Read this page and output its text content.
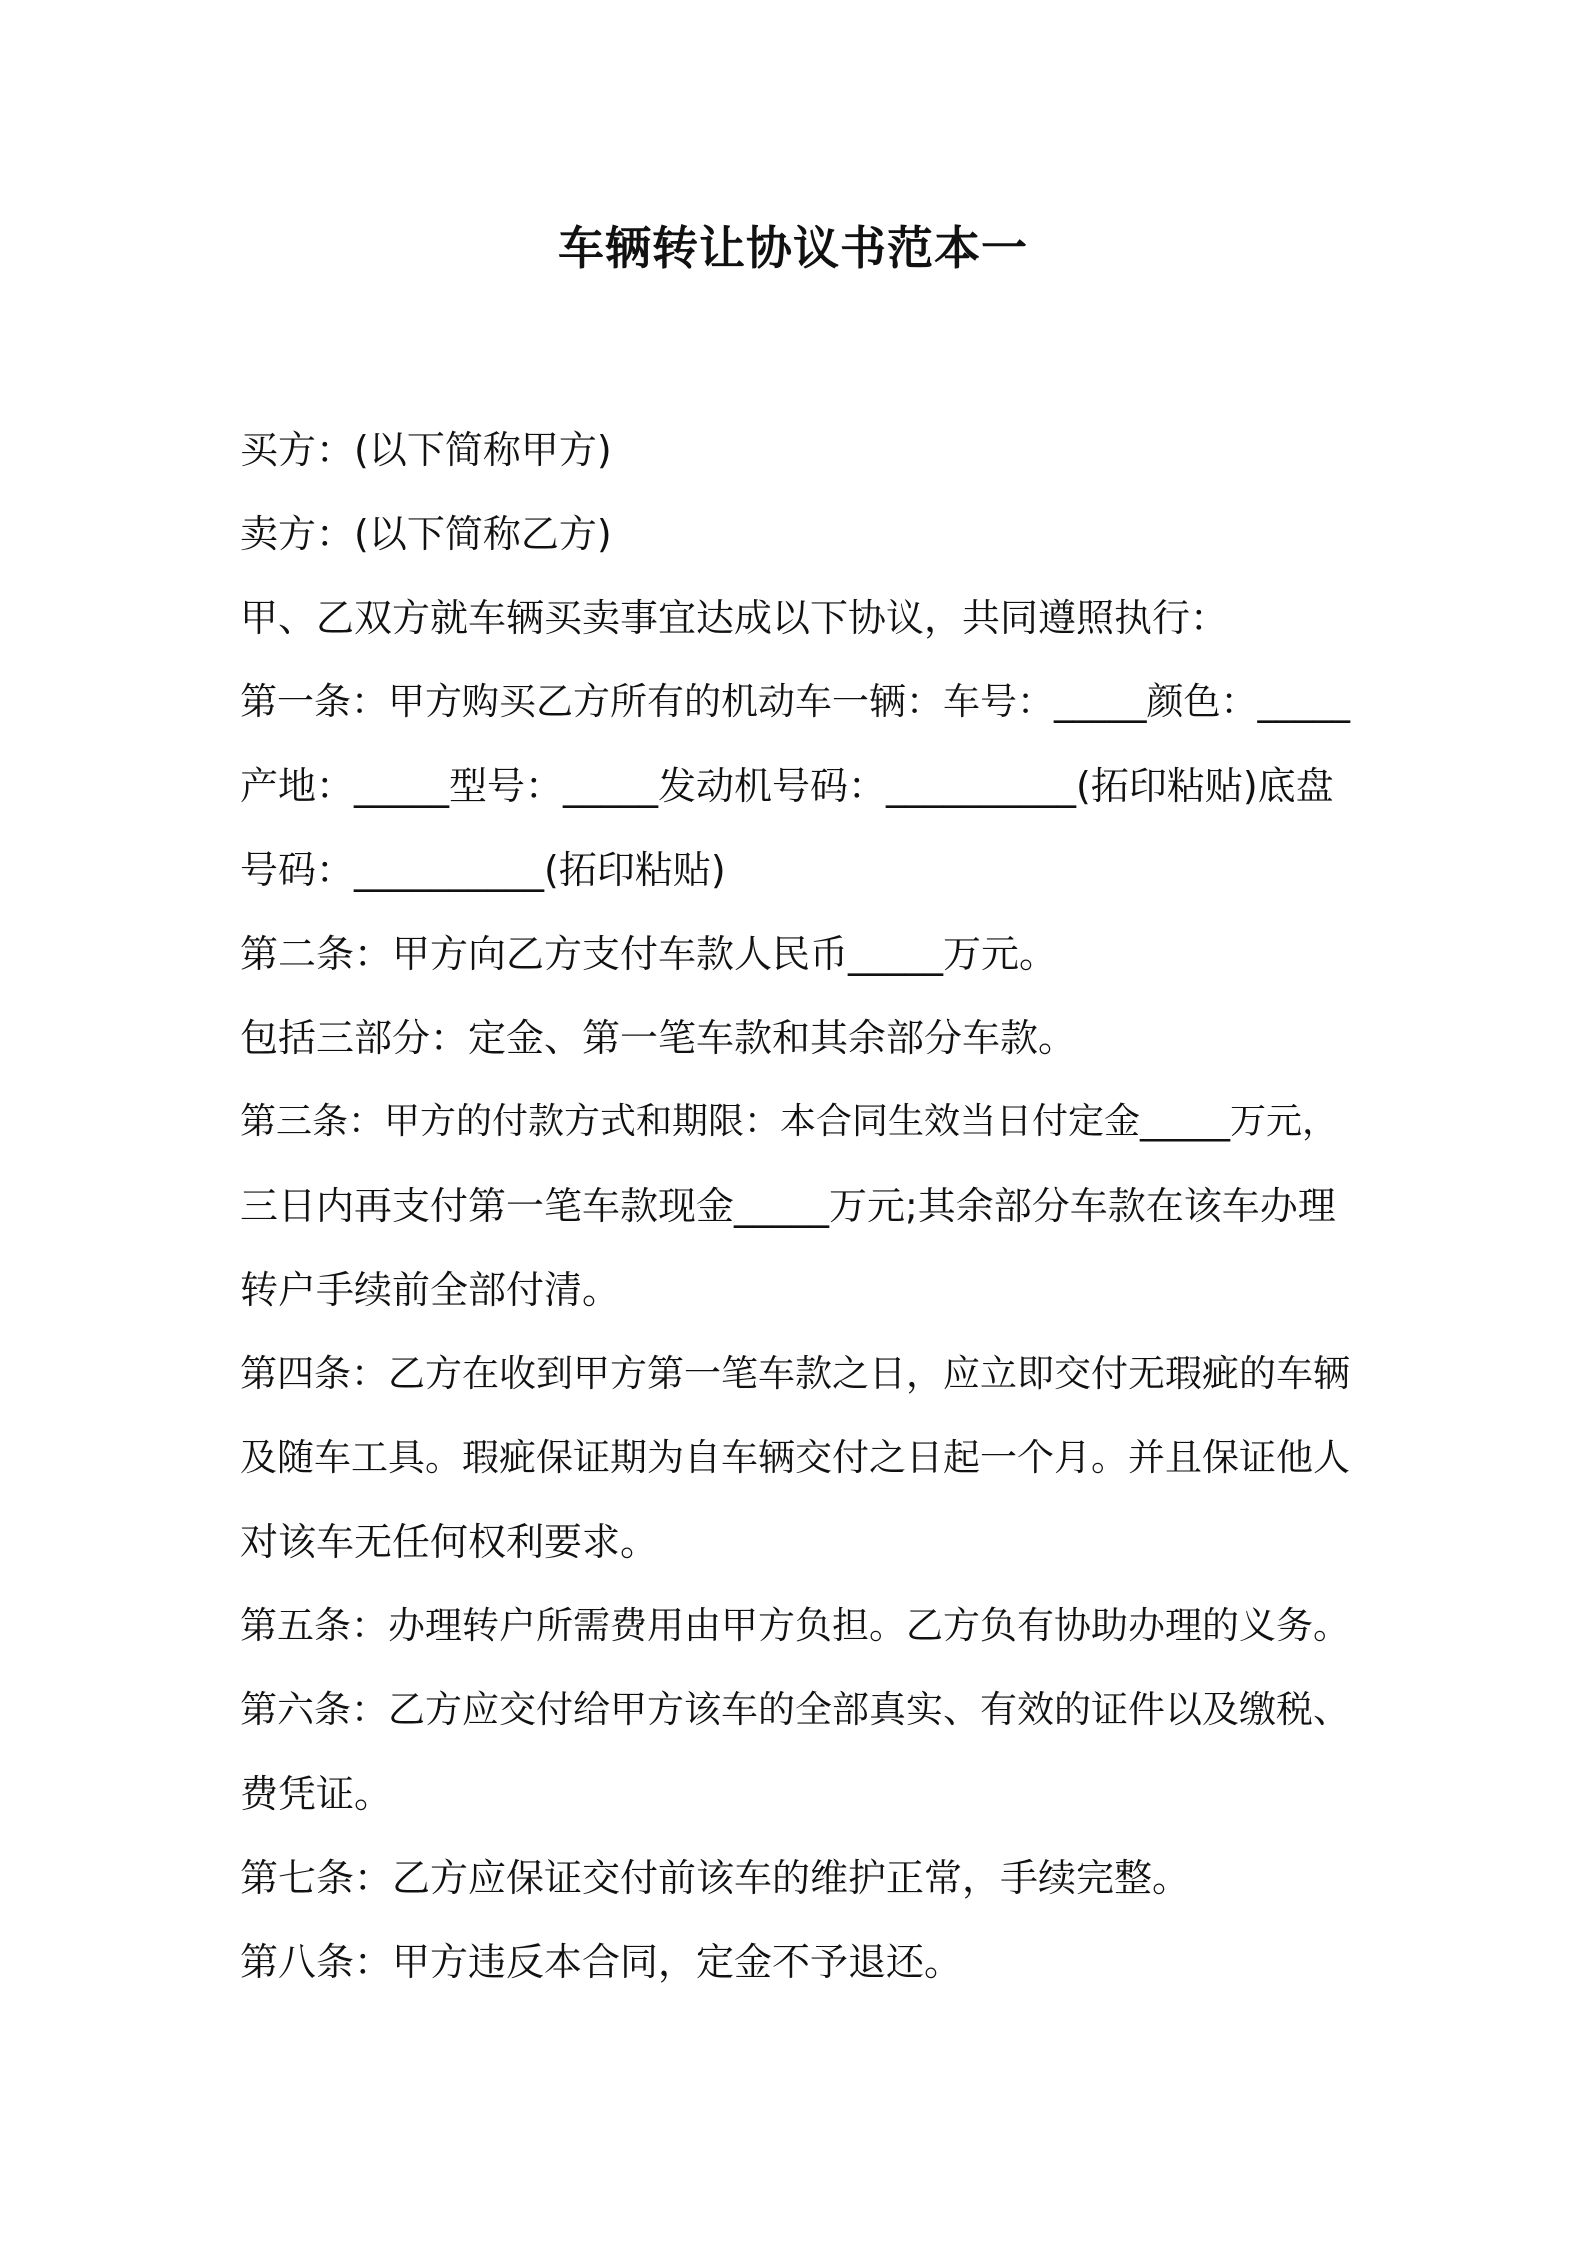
车辆转让协议书范本一
买方：(以下简称甲方)
卖方：(以下简称乙方)
甲、乙双方就车辆买卖事宜达成以下协议，共同遵照执行：
第一条：甲方购买乙方所有的机动车一辆：车号：_____颜色：_____
产地：_____型号：_____发动机号码：__________(拓印粘贴)底盘
号码：__________(拓印粘贴)
第二条：甲方向乙方支付车款人民币_____万元。
包括三部分：定金、第一笔车款和其余部分车款。
第三条：甲方的付款方式和期限：本合同生效当日付定金_____万元，
三日内再支付第一笔车款现金_____万元;其余部分车款在该车办理
转户手续前全部付清。
第四条：乙方在收到甲方第一笔车款之日，应立即交付无瑕疵的车辆
及随车工具。瑕疵保证期为自车辆交付之日起一个月。并且保证他人
对该车无任何权利要求。
第五条：办理转户所需费用由甲方负担。乙方负有协助办理的义务。
第六条：乙方应交付给甲方该车的全部真实、有效的证件以及缴税、
费凭证。
第七条：乙方应保证交付前该车的维护正常，手续完整。
第八条：甲方违反本合同，定金不予退还。
